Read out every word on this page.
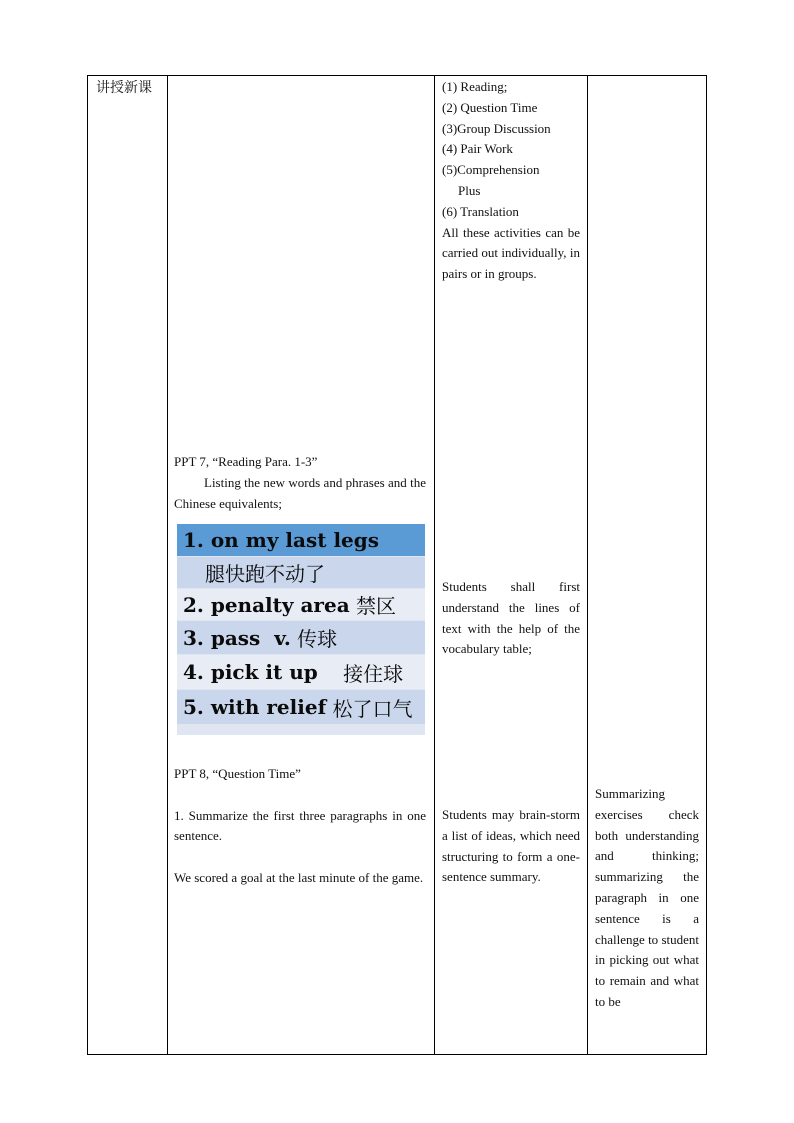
讲授新课	(1) Reading;
(2) Question Time
(3)Group Discussion
(4) Pair Work
(5)Comprehension
Plus
(6) Translation
All these activities can be carried out individually, in pairs or in groups.
PPT 7, “Reading Para. 1-3”
Listing the new words and phrases and the Chinese equivalents;
1. on my last legs
腿快跑不动了
2. penalty area 禁区
3. pass  v. 传球
4. pick it up 接住球
5. with relief 松了口气
Students shall first understand the lines of text with the help of the vocabulary table;
PPT 8, “Question Time”
1. Summarize the first three paragraphs in one sentence.
We scored a goal at the last minute of the game.
Students may brain-storm a list of ideas, which need structuring to form a one-sentence summary.
Summarizing exercises check both understanding and thinking; summarizing the paragraph in one sentence is a challenge to student in picking out what to remain and what to be
